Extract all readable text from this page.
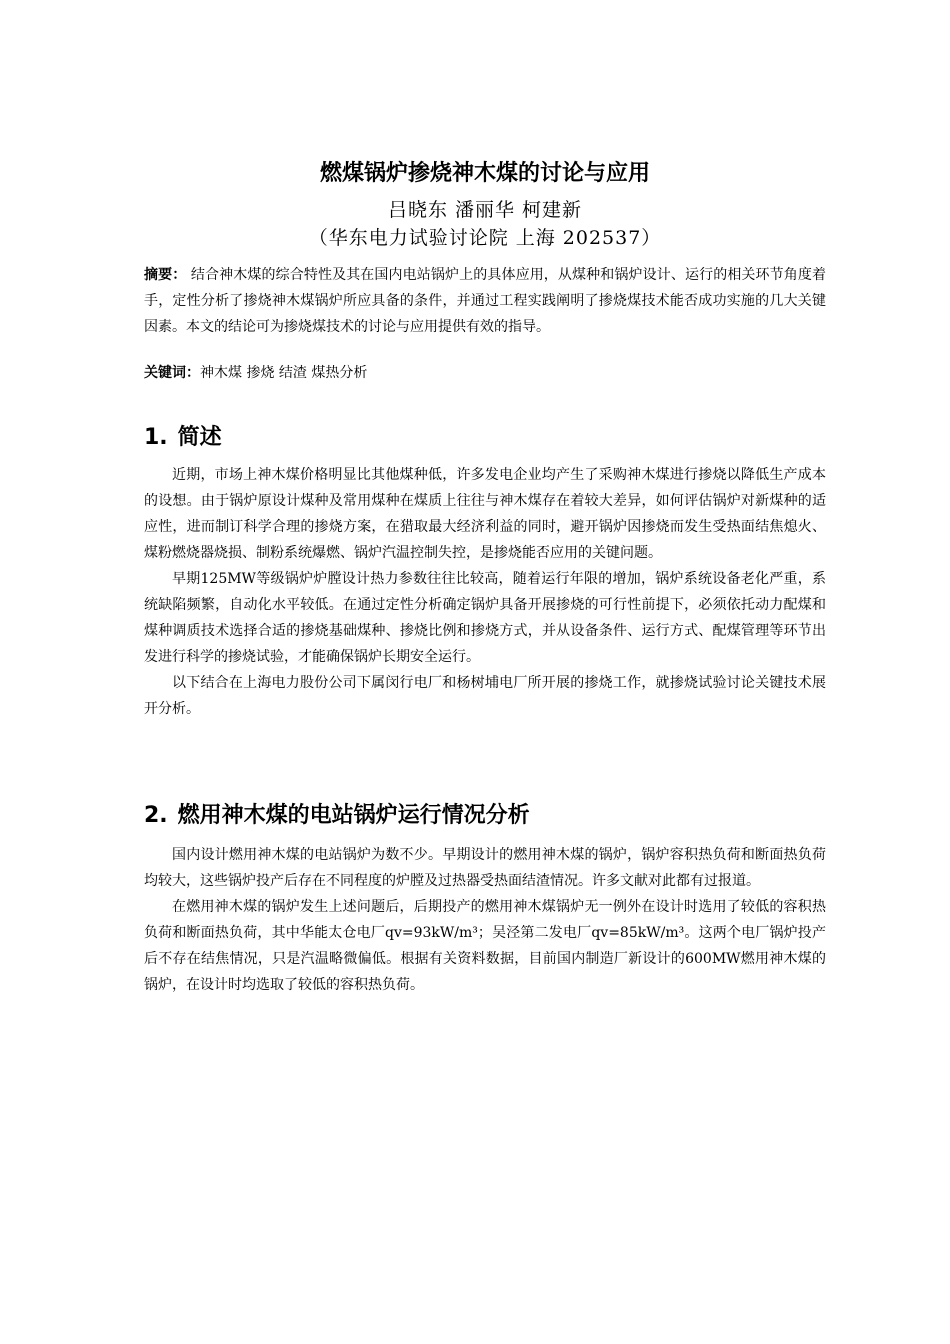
燃煤锅炉掺烧神木煤的讨论与应用
吕晓东 潘丽华 柯建新
（华东电力试验讨论院 上海 202537）

摘要： 结合神木煤的综合特性及其在国内电站锅炉上的具体应用，从煤种和锅炉设计、运行的相关环节角度着手，定性分析了掺烧神木煤锅炉所应具备的条件，并通过工程实践阐明了掺烧煤技术能否成功实施的几大关键因素。本文的结论可为掺烧煤技术的讨论与应用提供有效的指导。

关键词：神木煤 掺烧 结渣 煤热分析

1. 简述

近期，市场上神木煤价格明显比其他煤种低，许多发电企业均产生了采购神木煤进行掺烧以降低生产成本的设想。由于锅炉原设计煤种及常用煤种在煤质上往往与神木煤存在着较大差异，如何评估锅炉对新煤种的适应性，进而制订科学合理的掺烧方案，在猎取最大经济利益的同时，避开锅炉因掺烧而发生受热面结焦熄火、煤粉燃烧器烧损、制粉系统爆燃、锅炉汽温控制失控，是掺烧能否应用的关键问题。

早期125MW等级锅炉炉膛设计热力参数往往比较高，随着运行年限的增加，锅炉系统设备老化严重，系统缺陷频繁，自动化水平较低。在通过定性分析确定锅炉具备开展掺烧的可行性前提下，必须依托动力配煤和煤种调质技术选择合适的掺烧基础煤种、掺烧比例和掺烧方式，并从设备条件、运行方式、配煤管理等环节出发进行科学的掺烧试验，才能确保锅炉长期安全运行。

以下结合在上海电力股份公司下属闵行电厂和杨树埔电厂所开展的掺烧工作，就掺烧试验讨论关键技术展开分析。

2. 燃用神木煤的电站锅炉运行情况分析

国内设计燃用神木煤的电站锅炉为数不少。早期设计的燃用神木煤的锅炉，锅炉容积热负荷和断面热负荷均较大，这些锅炉投产后存在不同程度的炉膛及过热器受热面结渣情况。许多文献对此都有过报道。

在燃用神木煤的锅炉发生上述问题后，后期投产的燃用神木煤锅炉无一例外在设计时选用了较低的容积热负荷和断面热负荷，其中华能太仓电厂qv=93kW/m³；吴泾第二发电厂qv=85kW/m³。这两个电厂锅炉投产后不存在结焦情况，只是汽温略微偏低。根据有关资料数据，目前国内制造厂新设计的600MW燃用神木煤的锅炉，在设计时均选取了较低的容积热负荷。
